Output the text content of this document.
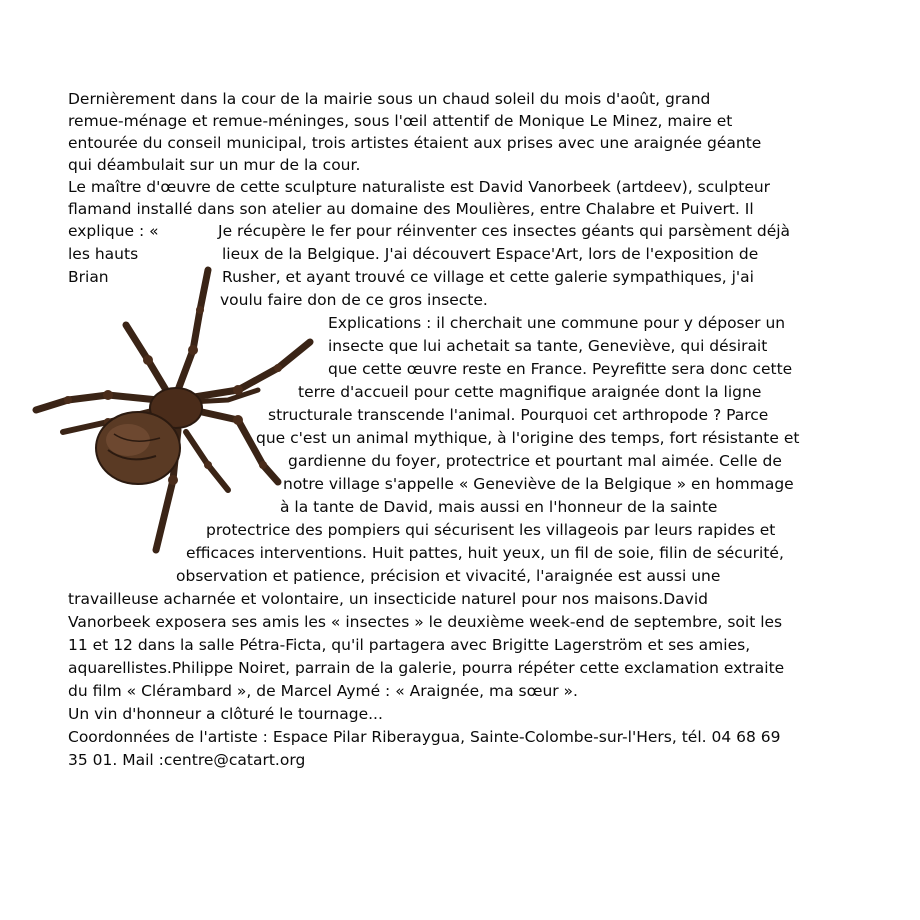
Dernièrement dans la cour de la mairie sous un chaud soleil du mois d'août, grand
remue-ménage et remue-méninges, sous l'œil attentif de Monique Le Minez, maire et
entourée du conseil municipal, trois artistes étaient aux prises avec une araignée géante
qui déambulait sur un mur de la cour.
Le maître d'œuvre de cette sculpture naturaliste est David Vanorbeek (artdeev), sculpteur
flamand installé dans son atelier au domaine des Moulières, entre Chalabre et Puivert. Il
explique : «	Je récupère le fer pour réinventer ces insectes géants qui parsèment déjà
les hauts	lieux de la Belgique. J'ai découvert Espace'Art, lors de l'exposition de
Brian	Rusher, et ayant trouvé ce village et cette galerie sympathiques, j'ai
voulu faire don de ce gros insecte.
Explications : il cherchait une commune pour y déposer un
insecte que lui achetait sa tante, Geneviève, qui désirait
que cette œuvre reste en France. Peyrefitte sera donc cette
terre d'accueil pour cette magnifique araignée dont la ligne
structurale transcende l'animal. Pourquoi cet arthropode ? Parce
que c'est un animal mythique, à l'origine des temps, fort résistante et
gardienne du foyer, protectrice et pourtant mal aimée. Celle de
notre village s'appelle « Geneviève de la Belgique » en hommage
à la tante de David, mais aussi en l'honneur de la sainte
protectrice des pompiers qui sécurisent les villageois par leurs rapides et
efficaces interventions. Huit pattes, huit yeux, un fil de soie, filin de sécurité,
observation et patience, précision et vivacité, l'araignée est aussi une
travailleuse acharnée et volontaire, un insecticide naturel pour nos maisons.David
Vanorbeek exposera ses amis les « insectes » le deuxième week-end de septembre, soit les
11 et 12 dans la salle Pétra-Ficta, qu'il partagera avec Brigitte Lagerström et ses amies,
aquarellistes.Philippe Noiret, parrain de la galerie, pourra répéter cette exclamation extraite
du film « Clérambard », de Marcel Aymé : « Araignée, ma sœur ».
Un vin d'honneur a clôturé le tournage...
Coordonnées de l'artiste : Espace Pilar Riberaygua, Sainte-Colombe-sur-l'Hers, tél. 04 68 69
35 01. Mail :centre@catart.org
